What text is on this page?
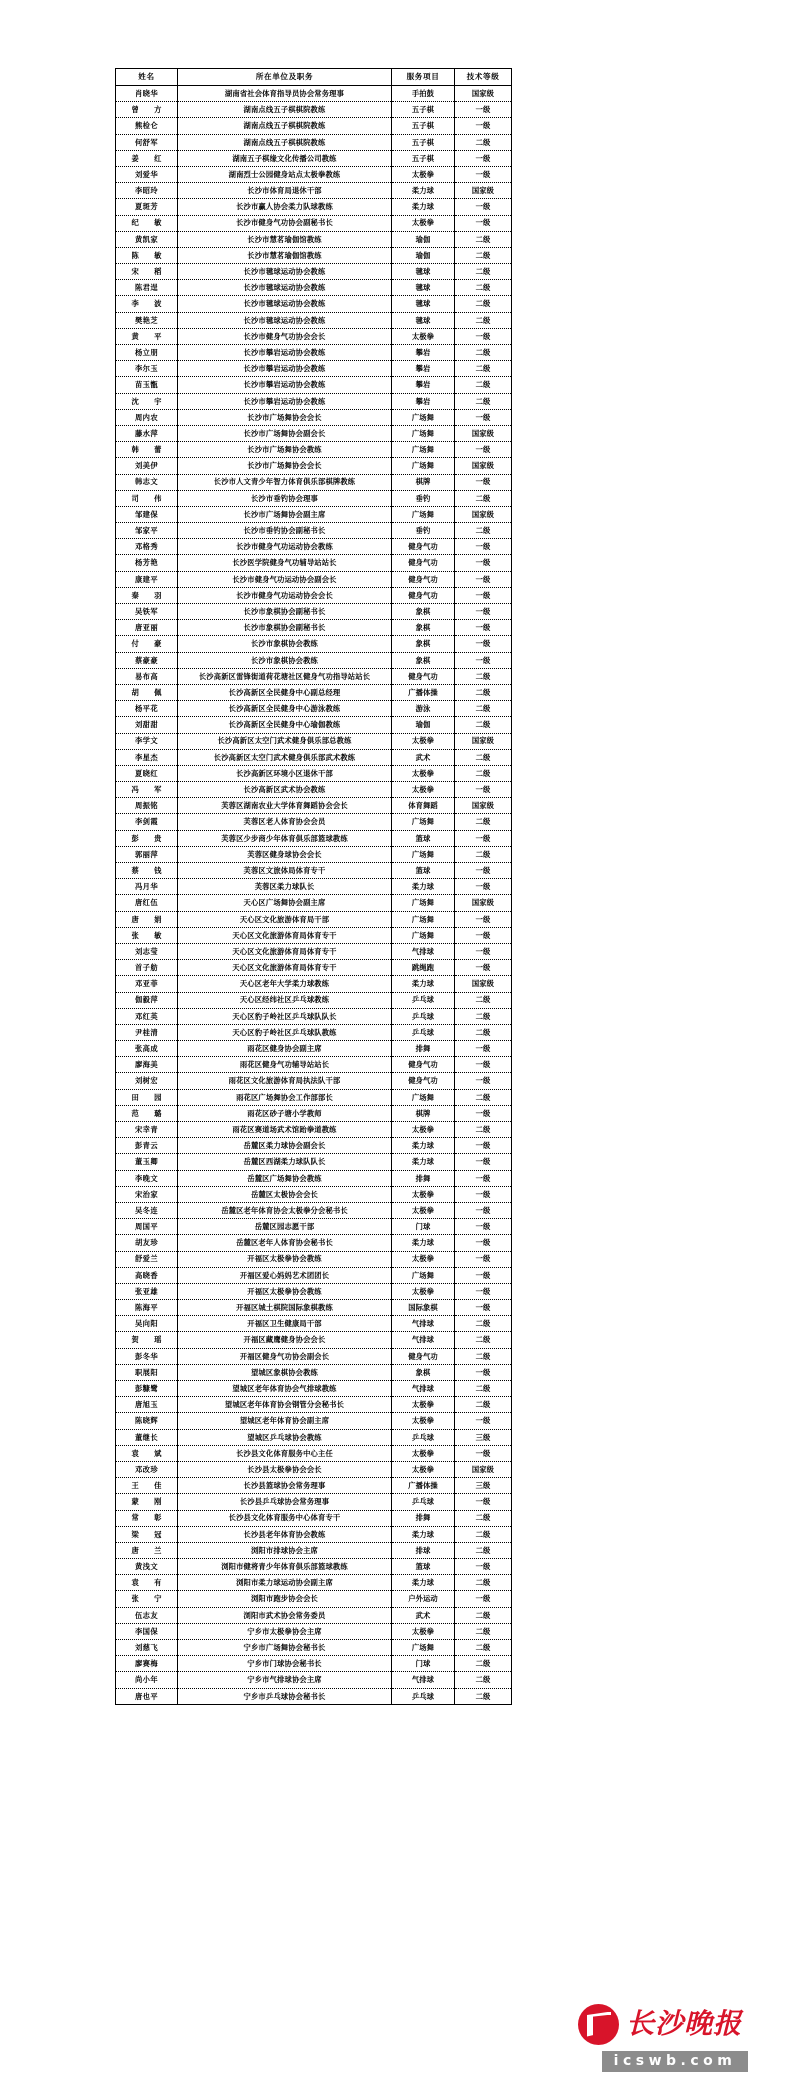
姓名	所在单位及职务	服务项目	技术等级
肖晓华	湖南省社会体育指导员协会常务理事	手拍鼓	国家级
曾　方	湖南点线五子棋棋院教练	五子棋	一级
熊检仑	湖南点线五子棋棋院教练	五子棋	一级
何舒军	湖南点线五子棋棋院教练	五子棋	二级
姜　红	湖南五子棋缘文化传播公司教练	五子棋	一级
刘爱华	湖南烈士公园健身站点太极拳教练	太极拳	一级
李昭玲	长沙市体育局退休干部	柔力球	国家级
夏斑芳	长沙市赢人协会柔力队球教练	柔力球	一级
纪　敏	长沙市健身气功协会副秘书长	太极拳	一级
黄凯家	长沙市慧茗瑜伽馆教练	瑜伽	二级
陈　敏	长沙市慧茗瑜伽馆教练	瑜伽	二级
宋　稻	长沙市毽球运动协会教练	毽球	二级
陈君逞	长沙市毽球运动协会教练	毽球	二级
李　波	长沙市毽球运动协会教练	毽球	二级
樊艳芝	长沙市毽球运动协会教练	毽球	二级
黄　平	长沙市健身气功协会会长	太极拳	一级
杨立朋	长沙市攀岩运动协会教练	攀岩	二级
李尔玉	长沙市攀岩运动协会教练	攀岩	二级
苗玉甑	长沙市攀岩运动协会教练	攀岩	二级
沈　宇	长沙市攀岩运动协会教练	攀岩	二级
周内农	长沙市广场舞协会会长	广场舞	一级
藤水萍	长沙市广场舞协会副会长	广场舞	国家级
韩　蕾	长沙市广场舞协会教练	广场舞	一级
刘美伊	长沙市广场舞协会会长	广场舞	国家级
韩志文	长沙市人文青少年智力体育俱乐部棋牌教练	棋牌	一级
司　伟	长沙市垂钓协会理事	垂钓	二级
邹建保	长沙市广场舞协会副主席	广场舞	国家级
邹家平	长沙市垂钓协会副秘书长	垂钓	二级
邓格秀	长沙市健身气功运动协会教练	健身气功	一级
杨芳艳	长沙医学院健身气功辅导站站长	健身气功	一级
康建平	长沙市健身气功运动协会副会长	健身气功	一级
秦　羽	长沙市健身气功运动协会会长	健身气功	一级
吴铁军	长沙市象棋协会副秘书长	象棋	一级
唐亚丽	长沙市象棋协会副秘书长	象棋	一级
付　豪	长沙市象棋协会教练	象棋	一级
蔡豪豪	长沙市象棋协会教练	象棋	一级
易布高	长沙高新区雷锋街道荷花塘社区健身气功指导站站长	健身气功	二级
胡　佩	长沙高新区全民健身中心副总经理	广播体操	二级
杨平花	长沙高新区全民健身中心游泳教练	游泳	二级
刘甜甜	长沙高新区全民健身中心瑜伽教练	瑜伽	二级
李学文	长沙高新区太空门武术健身俱乐部总教练	太极拳	国家级
李星杰	长沙高新区太空门武术健身俱乐部武术教练	武术	二级
夏晓红	长沙高新区环境小区退休干部	太极拳	二级
冯　军	长沙高新区武术协会教练	太极拳	一级
周振铭	芙蓉区湖南农业大学体育舞蹈协会会长	体育舞蹈	国家级
李剑霞	芙蓉区老人体育协会会员	广场舞	二级
彭　贵	芙蓉区少步商少年体育俱乐部篮球教练	篮球	一级
郭丽萍	芙蓉区健身球协会会长	广场舞	二级
蔡　钱	芙蓉区文旅体局体育专干	篮球	一级
冯月华	芙蓉区柔力球队长	柔力球	一级
唐红伍	天心区广场舞协会副主席	广场舞	国家级
唐　娟	天心区文化旅游体育局干部	广场舞	一级
张　敏	天心区文化旅游体育局体育专干	广场舞	一级
刘志莹	天心区文化旅游体育局体育专干	气排球	一级
首子舫	天心区文化旅游体育局体育专干	跳绳跑	一级
邓亚菲	天心区老年大学柔力球教练	柔力球	国家级
伽毅萍	天心区经纬社区乒乓球教练	乒乓球	二级
邓红英	天心区豹子岭社区乒乓球队队长	乒乓球	二级
尹桂清	天心区豹子岭社区乒乓球队教练	乒乓球	二级
张高成	雨花区健身协会副主席	排舞	一级
廖海美	雨花区健身气功辅导站站长	健身气功	一级
刘树宏	雨花区文化旅游体育局执法队干部	健身气功	一级
田　园	雨花区广场舞协会工作部部长	广场舞	二级
范　璐	雨花区砂子塘小学教师	棋牌	一级
宋幸青	雨花区赛道场武术馆跆拳道教练	太极拳	二级
彭青云	岳麓区柔力球协会副会长	柔力球	一级
董玉卿	岳麓区西湖柔力球队队长	柔力球	一级
李晚文	岳麓区广场舞协会教练	排舞	一级
宋治家	岳麓区太极协会会长	太极拳	一级
吴冬连	岳麓区老年体育协会太极拳分会秘书长	太极拳	一级
周国平	岳麓区园志愿干部	门球	一级
胡友珍	岳麓区老年人体育协会秘书长	柔力球	一级
舒爱兰	开福区太极拳协会教练	太极拳	一级
高晓香	开福区爱心妈妈艺术团团长	广场舞	一级
张亚雄	开福区太极拳协会教练	太极拳	一级
陈海平	开福区城土棋院国际象棋教练	国际象棋	一级
吴向阳	开福区卫生健康局干部	气排球	二级
贺　瑶	开福区藏鹰健身协会会长	气排球	二级
彭冬华	开福区健身气功协会副会长	健身气功	二级
职展阳	望城区象棋协会教练	象棋	一级
彭糠鹭	望城区老年体育协会气排球教练	气排球	二级
唐旭玉	望城区老年体育协会钢管分会秘书长	太极拳	二级
陈晓辉	望城区老年体育协会副主席	太极拳	一级
董继长	望城区乒乓球协会教练	乒乓球	三级
袁　斌	长沙县文化体育服务中心主任	太极拳	一级
邓改珍	长沙县太极拳协会会长	太极拳	国家级
王　佳	长沙县篮球协会常务理事	广播体操	三级
蒙　刚	长沙县乒乓球协会常务理事	乒乓球	一级
常　彰	长沙县文化体育服务中心体育专干	排舞	二级
梁　冠	长沙县老年体育协会教练	柔力球	二级
唐　兰	浏阳市排球协会主席	排球	二级
黄浅文	浏阳市健将青少年体育俱乐部篮球教练	篮球	一级
袁　有	浏阳市柔力球运动协会副主席	柔力球	二级
张　宁	浏阳市跑步协会会长	户外运动	一级
伍志友	浏阳市武术协会常务委员	武术	二级
李国保	宁乡市太极拳协会主席	太极拳	二级
刘慈飞	宁乡市广场舞协会秘书长	广场舞	二级
廖赛梅	宁乡市门球协会秘书长	门球	二级
尚小年	宁乡市气排球协会主席	气排球	二级
唐也平	宁乡市乒乓球协会秘书长	乒乓球	二级
长沙晚报
icswb.com
